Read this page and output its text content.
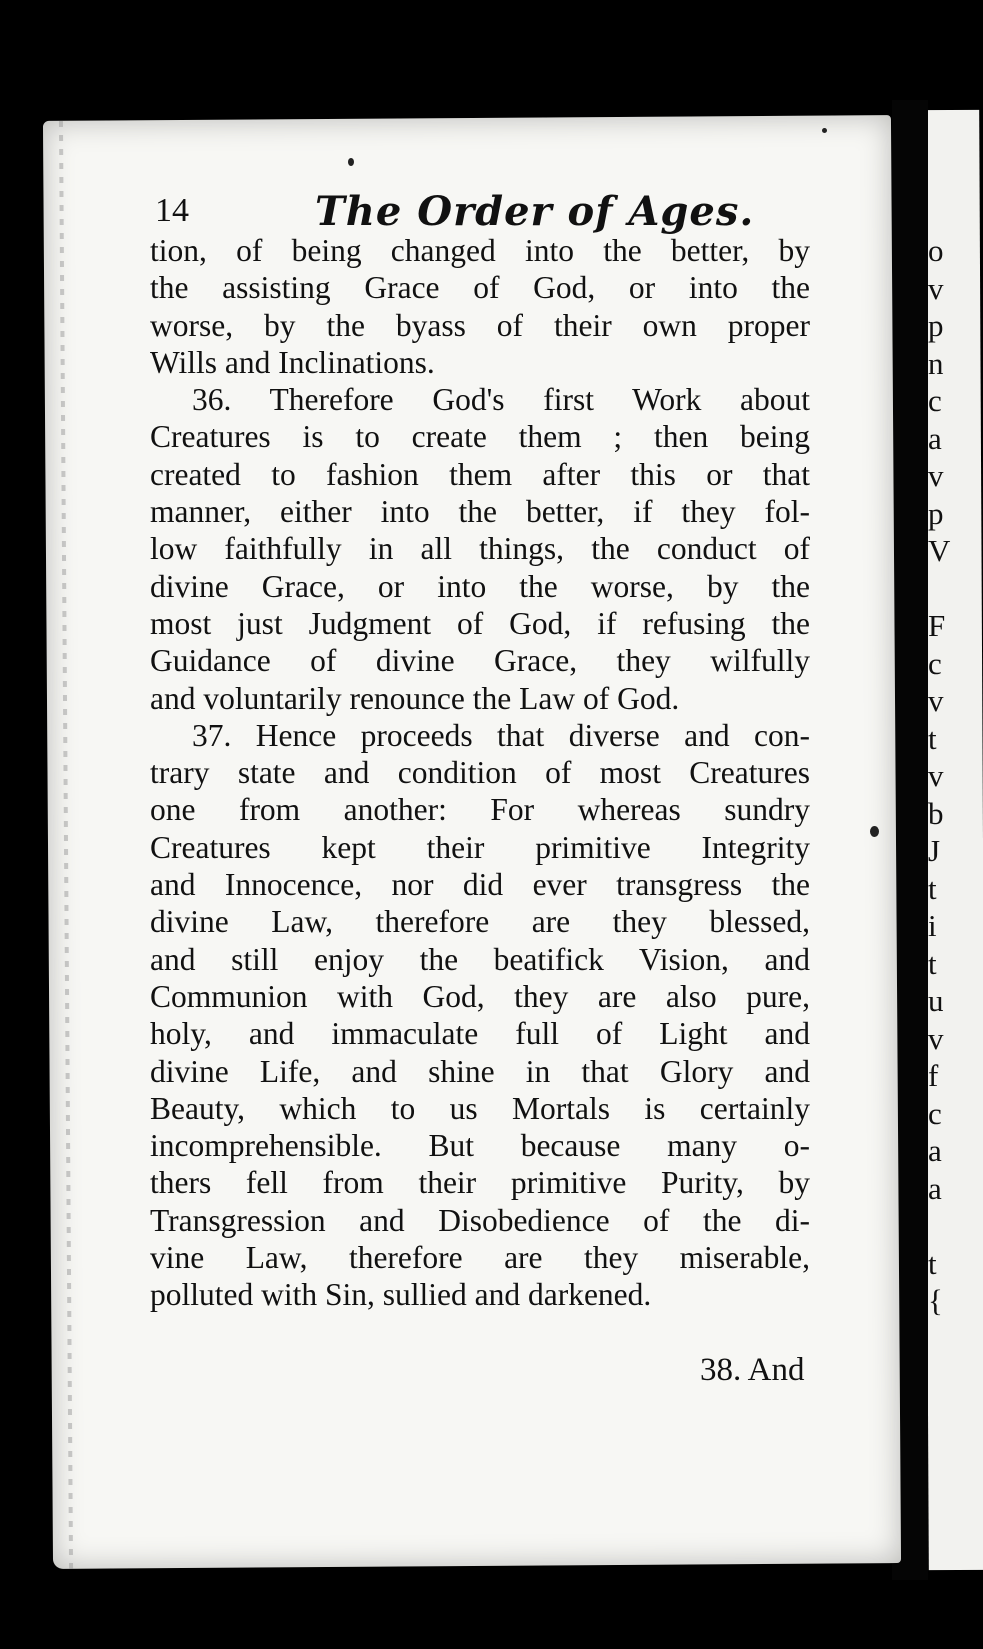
14	The Order of Ages.
tion, of being changed into the better, by
the assisting Grace of God, or into the
worse, by the byass of their own proper
Wills and Inclinations.
36. Therefore God's first Work about
Creatures is to create them ; then being
created to fashion them after this or that
manner, either into the better, if they fol-
low faithfully in all things, the conduct of
divine Grace, or into the worse, by the
most just Judgment of God, if refusing the
Guidance of divine Grace, they wilfully
and voluntarily renounce the Law of God.
37. Hence proceeds that diverse and con-
trary state and condition of most Creatures
one from another: For whereas sundry
Creatures kept their primitive Integrity
and Innocence, nor did ever transgress the
divine Law, therefore are they blessed,
and still enjoy the beatifick Vision, and
Communion with God, they are also pure,
holy, and immaculate full of Light and
divine Life, and shine in that Glory and
Beauty, which to us Mortals is certainly
incomprehensible. But because many o-
thers fell from their primitive Purity, by
Transgression and Disobedience of the di-
vine Law, therefore are they miserable,
polluted with Sin, sullied and darkened.
38. And
o
v
p
n
c
a
v
p
V
F
c
v
t
v
b
J
t
i
t
u
v
f
c
a
a
t
{
